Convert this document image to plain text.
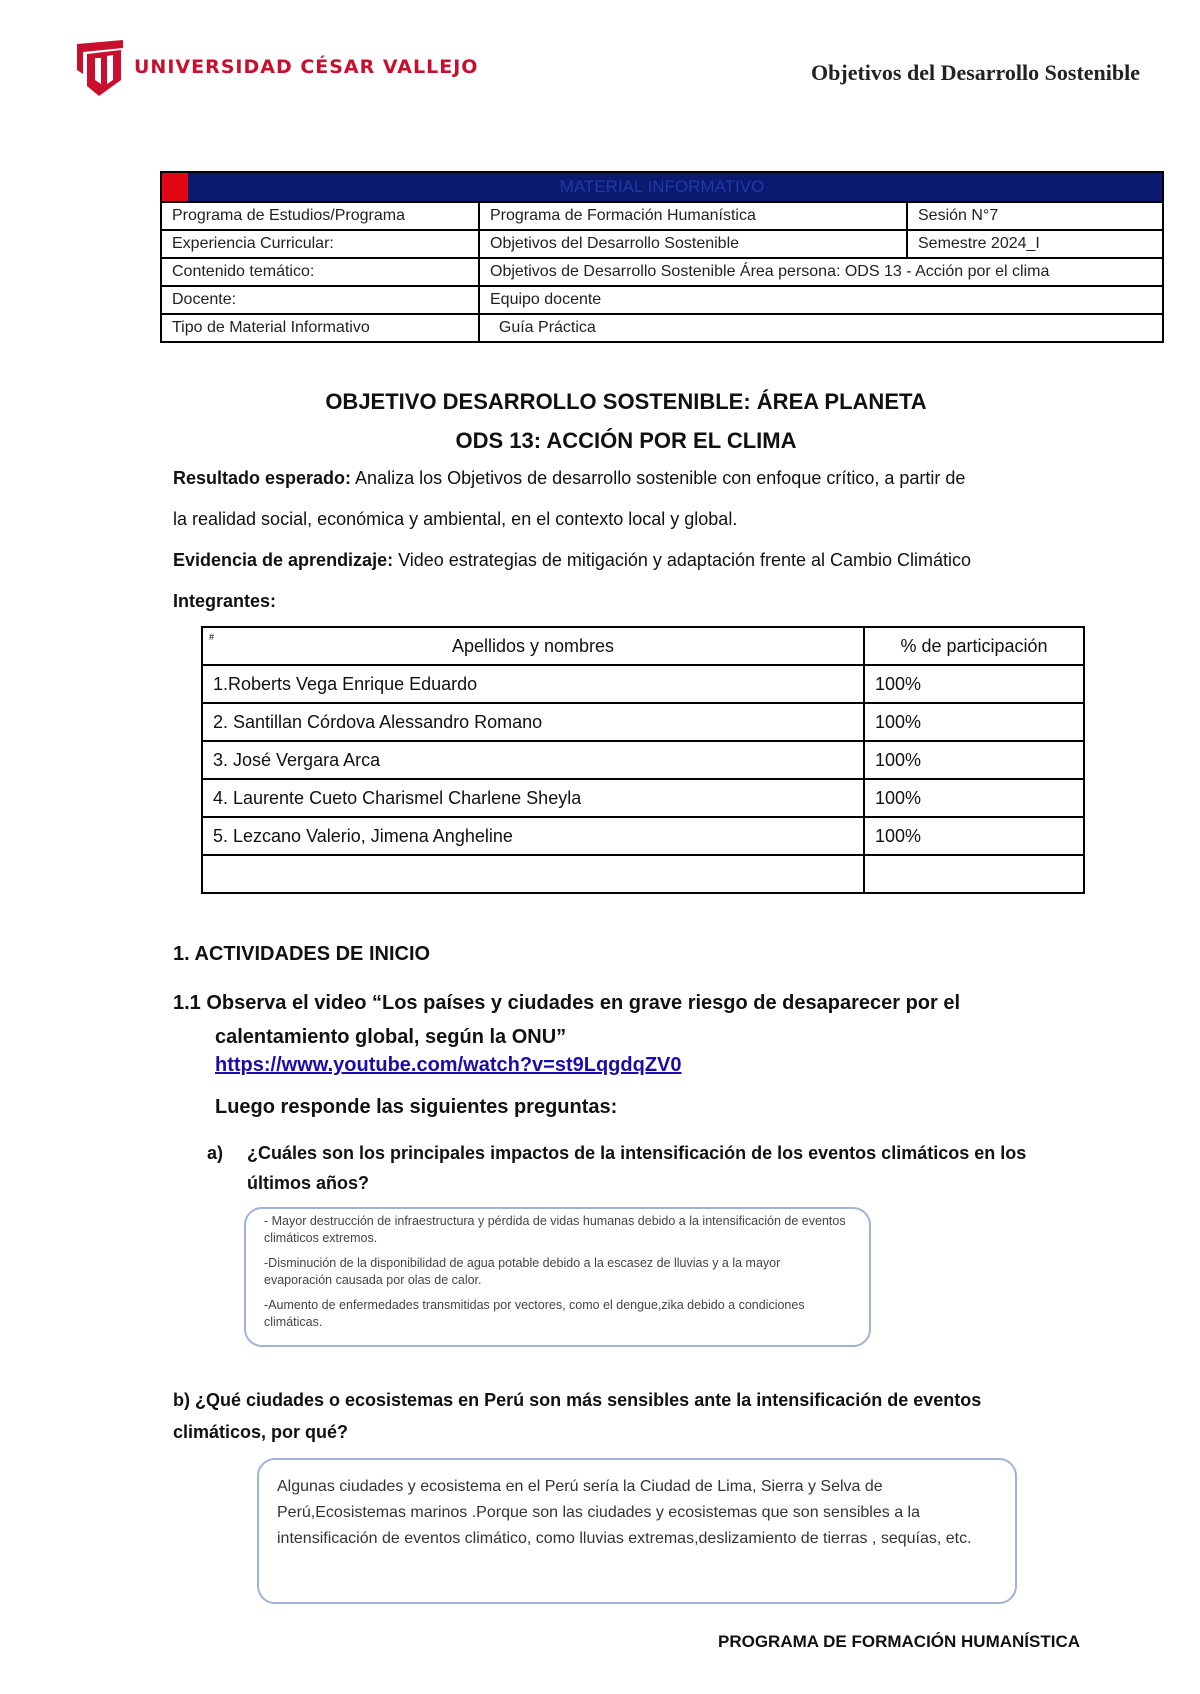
UNIVERSIDAD CÉSAR VALLEJO	Objetivos del Desarrollo Sostenible
MATERIAL INFORMATIVO		

Programa de Estudios/Programa	Programa de Formación Humanística	Sesión N°7
Experiencia Curricular:	Objetivos del Desarrollo Sostenible	Semestre 2024_I
Contenido temático:	Objetivos de Desarrollo Sostenible Área persona: ODS 13 - Acción por el clima	
Docente:	Equipo docente	
Tipo de Material Informativo	Guía Práctica	
OBJETIVO DESARROLLO SOSTENIBLE: ÁREA PLANETA
ODS 13: ACCIÓN POR EL CLIMA
Resultado esperado: Analiza los Objetivos de desarrollo sostenible con enfoque crítico, a partir de
la realidad social, económica y ambiental, en el contexto local y global.
Evidencia de aprendizaje: Video estrategias de mitigación y adaptación frente al Cambio Climático
Integrantes:
# Apellidos y nombres	% de participación
1.Roberts Vega Enrique Eduardo	100%
2. Santillan Córdova Alessandro Romano	100%
3. José Vergara Arca	100%
4. Laurente Cueto Charismel Charlene Sheyla	100%
5. Lezcano Valerio, Jimena Angheline	100%

1. ACTIVIDADES DE INICIO
1.1 Observa el video “Los países y ciudades en grave riesgo de desaparecer por el
calentamiento global, según la ONU”
https://www.youtube.com/watch?v=st9LqgdqZV0
Luego responde las siguientes preguntas:
a) ¿Cuáles son los principales impactos de la intensificación de los eventos climáticos en los últimos años?

- Mayor destrucción de infraestructura y pérdida de vidas humanas debido a la intensificación de eventos climáticos extremos.

-Disminución de la disponibilidad de agua potable debido a la escasez de lluvias y a la mayor evaporación causada por olas de calor.

-Aumento de enfermedades transmitidas por vectores, como el dengue,zika debido a condiciones climáticas.

b) ¿Qué ciudades o ecosistemas en Perú son más sensibles ante la intensificación de eventos climáticos, por qué?

Algunas ciudades y ecosistema en el Perú sería la Ciudad de Lima, Sierra y Selva de Perú,Ecosistemas marinos .Porque son las ciudades y ecosistemas que son sensibles a la intensificación de eventos climático, como lluvias extremas,deslizamiento de tierras , sequías, etc.

PROGRAMA DE FORMACIÓN HUMANÍSTICA
